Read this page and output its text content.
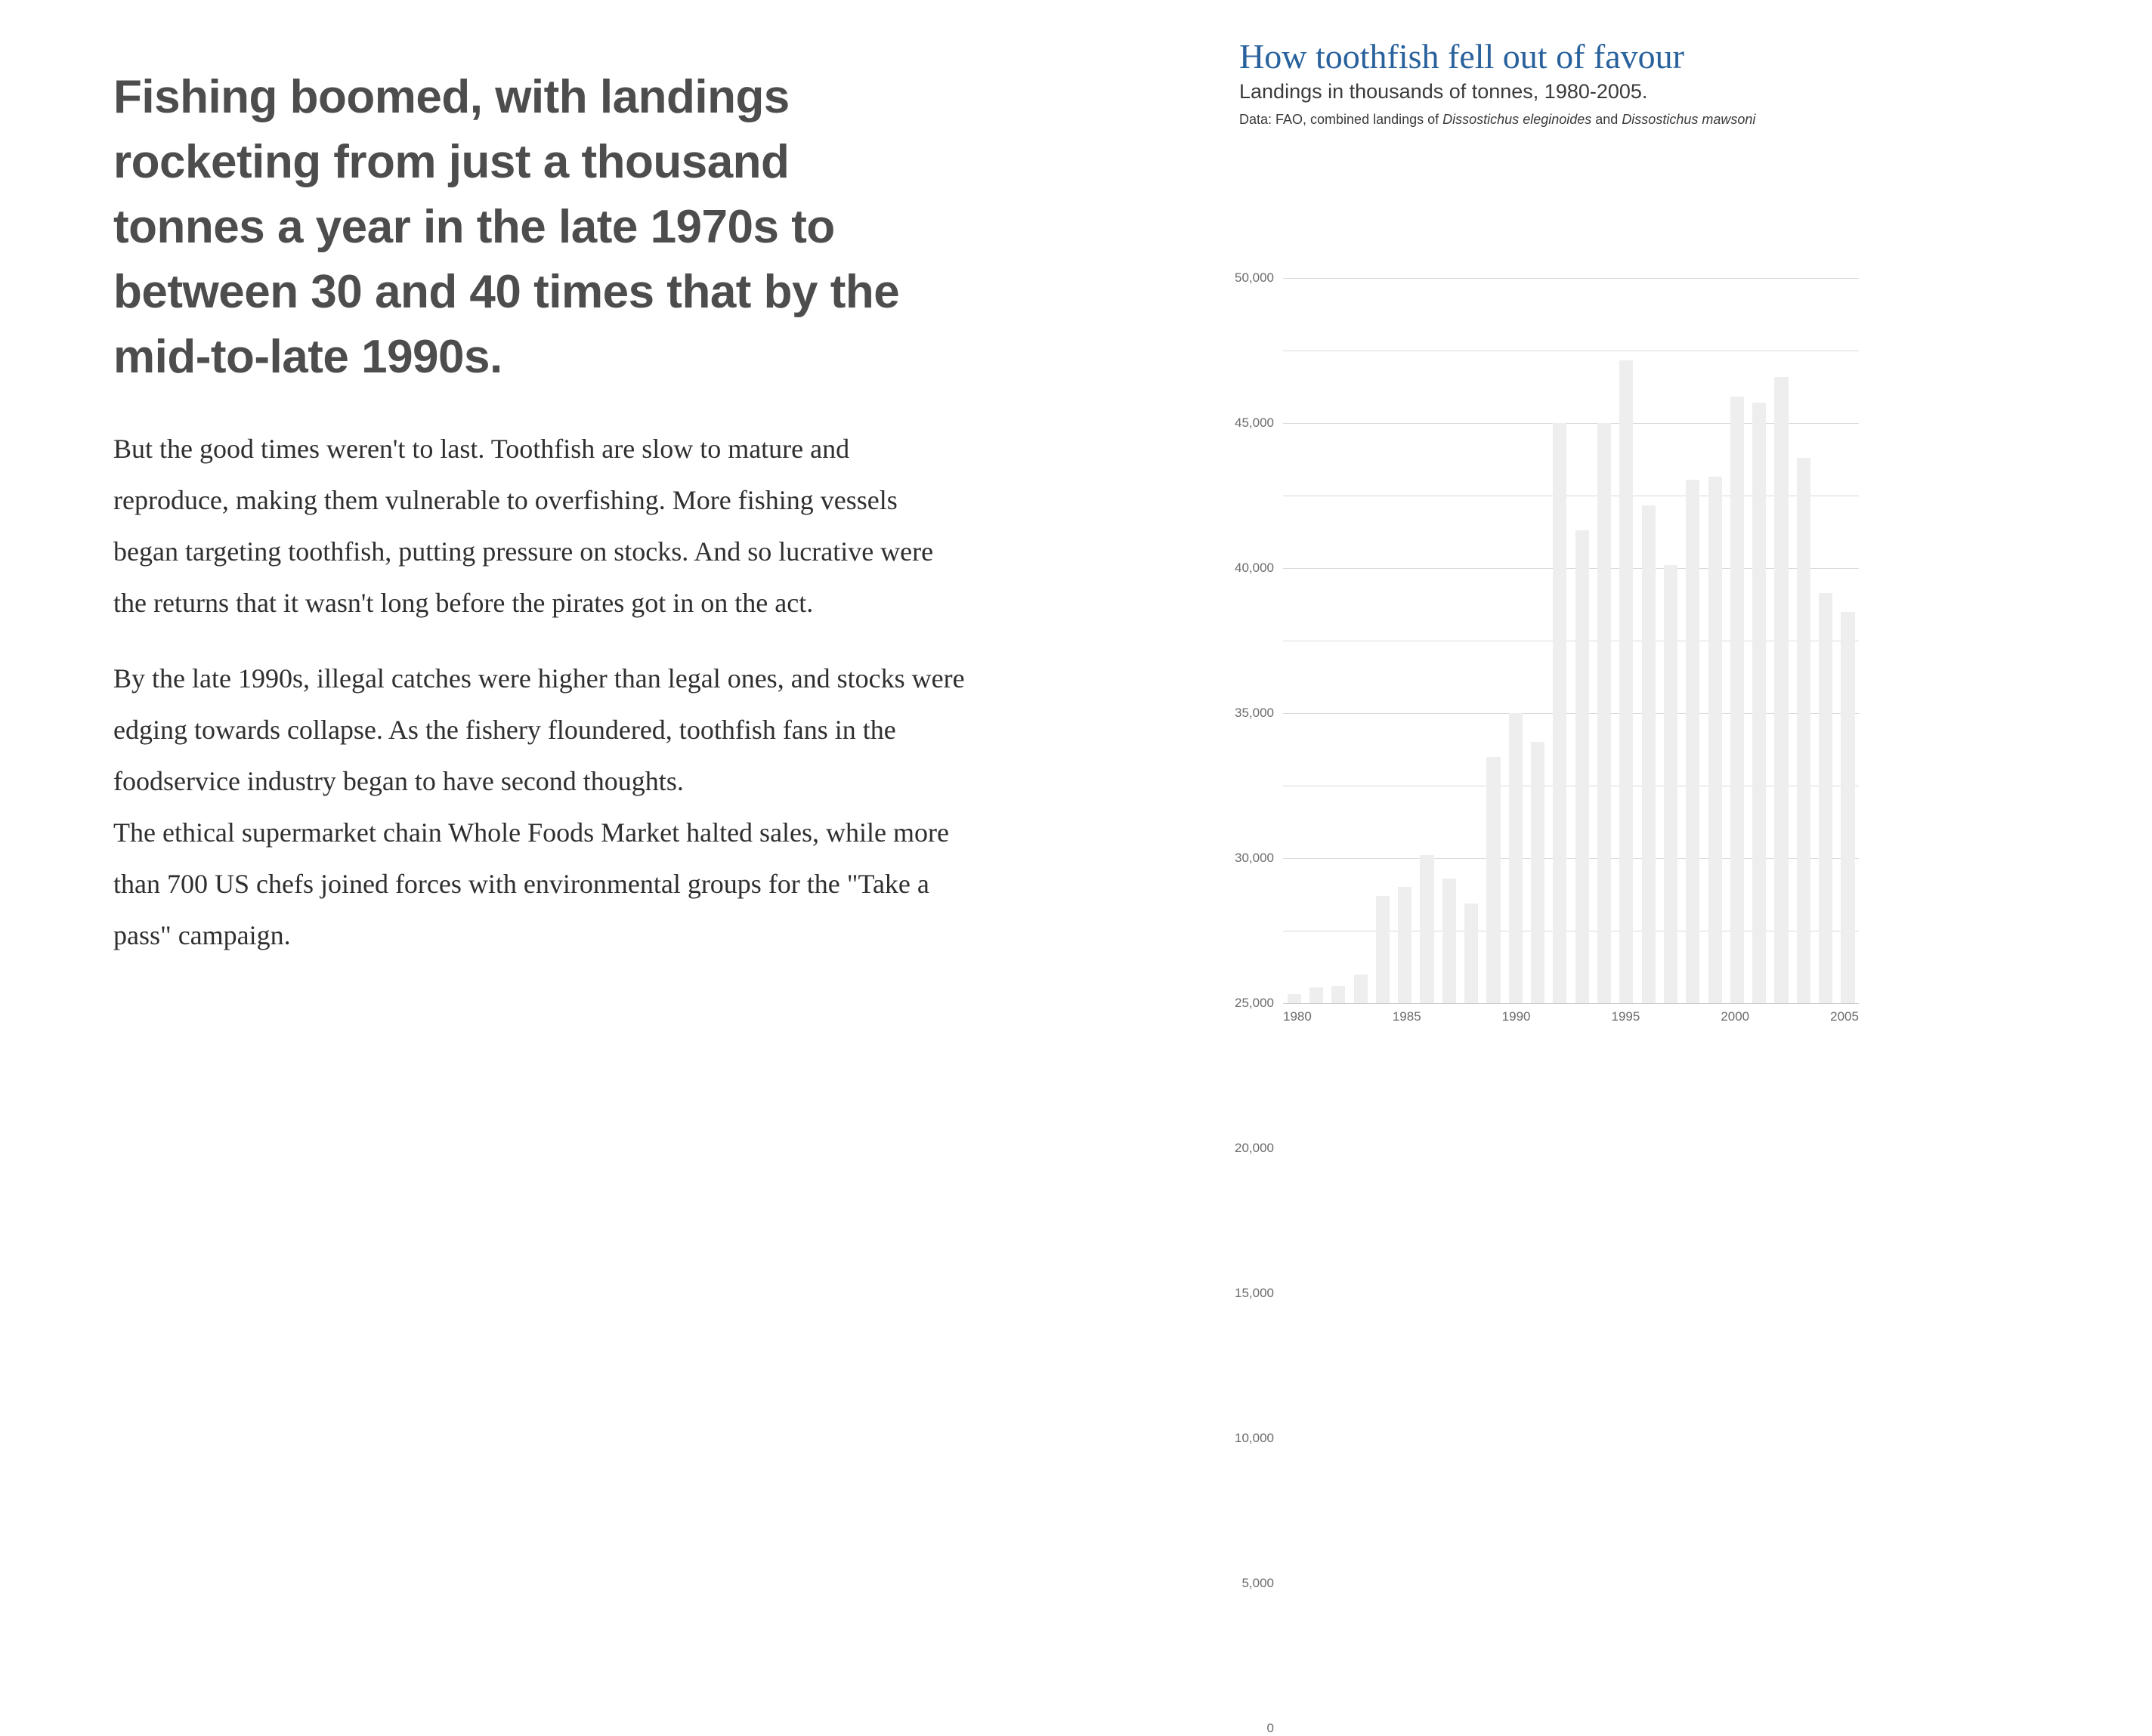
Fishing boomed, with landings rocketing from just a thousand tonnes a year in the late 1970s to between 30 and 40 times that by the mid-to-late 1990s.

But the good times weren't to last. Toothfish are slow to mature and reproduce, making them vulnerable to overfishing. More fishing vessels began targeting toothfish, putting pressure on stocks. And so lucrative were the returns that it wasn't long before the pirates got in on the act.

By the late 1990s, illegal catches were higher than legal ones, and stocks were edging towards collapse. As the fishery floundered, toothfish fans in the foodservice industry began to have second thoughts.

The ethical supermarket chain Whole Foods Market halted sales, while more than 700 US chefs joined forces with environmental groups for the "Take a pass" campaign.

How toothfish fell out of favour
Landings in thousands of tonnes, 1980-2005.
Data: FAO, combined landings of Dissostichus eleginoides and Dissostichus mawsoni
50,000
45,000
40,000
35,000
30,000
25,000
20,000
15,000
10,000
5,000
0
1980	1985	1990	1995	2000	2005
